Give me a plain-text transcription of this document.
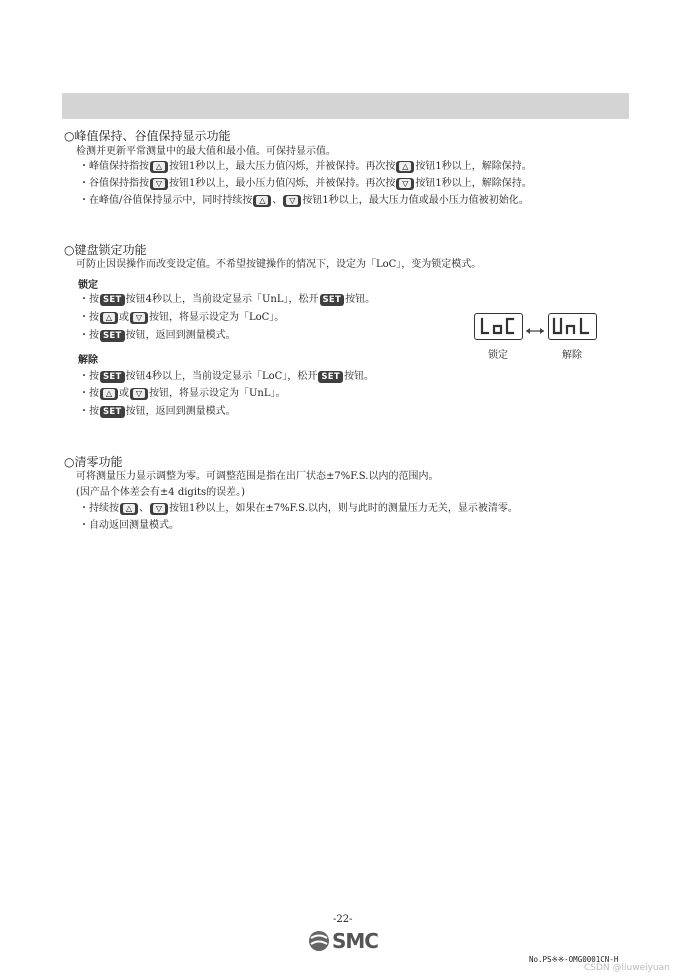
○峰值保持、谷值保持显示功能
检测并更新平常测量中的最大值和最小值。可保持显示值。
・峰值保持指按 △ 按钮1秒以上，最大压力值闪烁，并被保持。再次按 △ 按钮1秒以上，解除保持。
・谷值保持指按 ▽ 按钮1秒以上，最小压力值闪烁，并被保持。再次按 ▽ 按钮1秒以上，解除保持。
・在峰值/谷值保持显示中，同时持续按 △ 、 ▽ 按钮1秒以上，最大压力值或最小压力值被初始化。
○键盘锁定功能
可防止因误操作而改变设定值。不希望按键操作的情况下，设定为「LoC」，变为锁定模式。
锁定
・按 SET 按钮4秒以上，当前设定显示「UnL」，松开 SET 按钮。
・按 △ 或 ▽ 按钮，将显示设定为「LoC」。
・按 SET 按钮，返回到测量模式。
解除
・按 SET 按钮4秒以上，当前设定显示「LoC」，松开 SET 按钮。
・按 △ 或 ▽ 按钮，将显示设定为「UnL」。
・按 SET 按钮，返回到测量模式。
锁定	解除
○清零功能
可将测量压力显示调整为零。可调整范围是指在出厂状态±7%F.S.以内的范围内。
(因产品个体差会有±4 digits的误差。)
・持续按 △ 、 ▽ 按钮1秒以上，如果在±7%F.S.以内，则与此时的测量压力无关，显示被清零。
・自动返回测量模式。
-22-
SMC
No.PS※※-OMG0001CN-H
CSDN @liuweiyuan
